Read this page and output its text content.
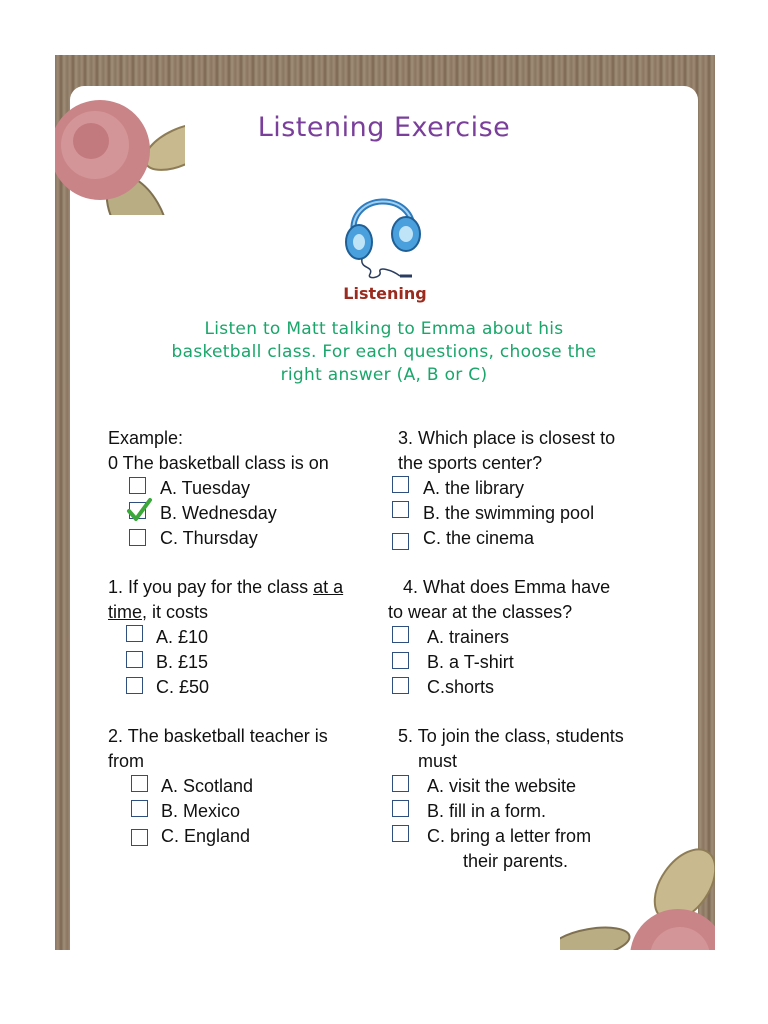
Listening Exercise
Listening
Listen to Matt talking to Emma about his
basketball class. For each questions, choose the
right answer (A, B or C)
Example:
0 The basketball class is on
A. Tuesday
B. Wednesday
C. Thursday
3. Which place is closest to
the sports center?
A. the library
B. the swimming pool
C. the cinema
1. If you pay for the class at a
time, it costs
A. £10
B. £15
C. £50
4. What does Emma have
to wear at the classes?
A. trainers
B. a T-shirt
C.shorts
2. The basketball teacher is
from
A. Scotland
B. Mexico
C. England
5. To join the class, students
must
A. visit the website
B. fill in a form.
C. bring a letter from
their parents.
